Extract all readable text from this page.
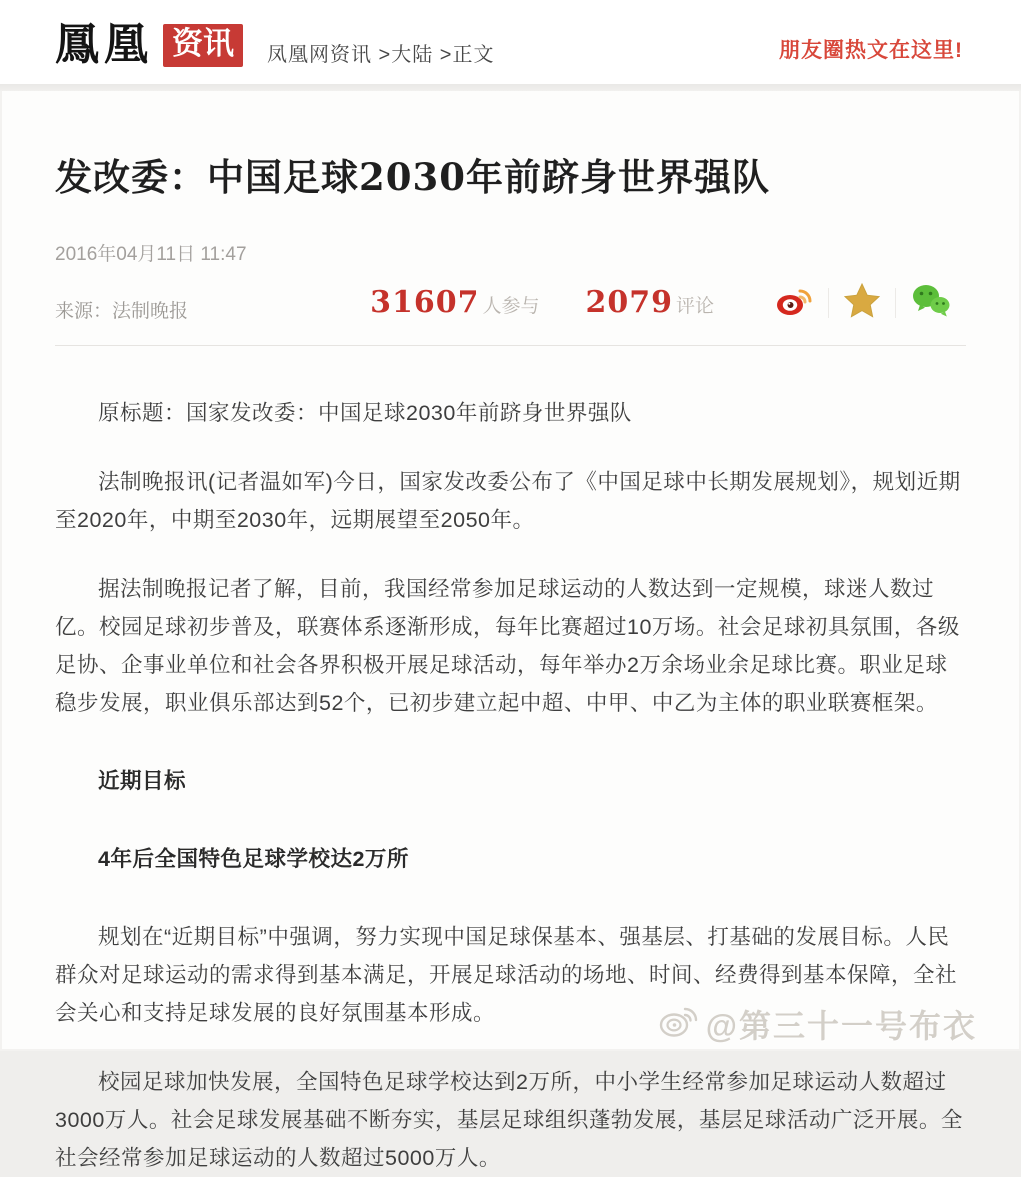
鳳凰 资讯	凤凰网资讯 >大陆 >正文	朋友圈热文在这里!
发改委：中国足球2030年前跻身世界强队
2016年04月11日 11:47
来源： 法制晚报	31607 人参与 2079 评论

原标题：国家发改委：中国足球2030年前跻身世界强队

法制晚报讯(记者温如军)今日，国家发改委公布了《中国足球中长期发展规划》，规划近期至2020年，中期至2030年，远期展望至2050年。

据法制晚报记者了解，目前，我国经常参加足球运动的人数达到一定规模，球迷人数过亿。校园足球初步普及，联赛体系逐渐形成，每年比赛超过10万场。社会足球初具氛围，各级足协、企事业单位和社会各界积极开展足球活动，每年举办2万余场业余足球比赛。职业足球稳步发展，职业俱乐部达到52个，已初步建立起中超、中甲、中乙为主体的职业联赛框架。

近期目标

4年后全国特色足球学校达2万所

规划在“近期目标”中强调，努力实现中国足球保基本、强基层、打基础的发展目标。人民群众对足球运动的需求得到基本满足，开展足球活动的场地、时间、经费得到基本保障，全社会关心和支持足球发展的良好氛围基本形成。

校园足球加快发展，全国特色足球学校达到2万所，中小学生经常参加足球运动人数超过3000万人。社会足球发展基础不断夯实，基层足球组织蓬勃发展，基层足球活动广泛开展。全社会经常参加足球运动的人数超过5000万人。

@第三十一号布衣
